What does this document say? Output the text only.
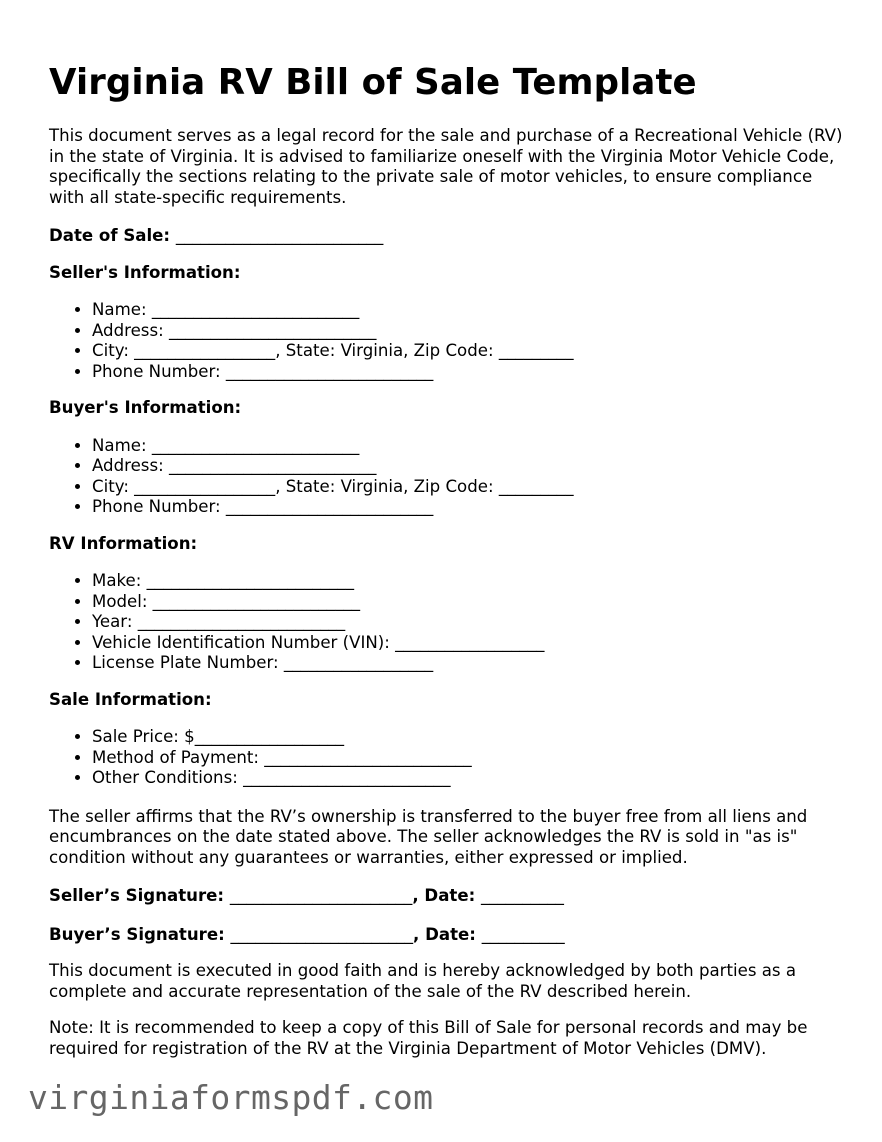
Virginia RV Bill of Sale Template

This document serves as a legal record for the sale and purchase of a Recreational Vehicle (RV) in the state of Virginia. It is advised to familiarize oneself with the Virginia Motor Vehicle Code, specifically the sections relating to the private sale of motor vehicles, to ensure compliance with all state-specific requirements.

Date of Sale: _________________________
Seller's Information:
• Name: _________________________
• Address: _________________________
• City: _________________, State: Virginia, Zip Code: _________
• Phone Number: _________________________
Buyer's Information:
• Name: _________________________
• Address: _________________________
• City: _________________, State: Virginia, Zip Code: _________
• Phone Number: _________________________
RV Information:
• Make: _________________________
• Model: _________________________
• Year: _________________________
• Vehicle Identification Number (VIN): __________________
• License Plate Number: __________________
Sale Information:
• Sale Price: $__________________
• Method of Payment: _________________________
• Other Conditions: _________________________

The seller affirms that the RV’s ownership is transferred to the buyer free from all liens and encumbrances on the date stated above. The seller acknowledges the RV is sold in "as is" condition without any guarantees or warranties, either expressed or implied.

Seller’s Signature: ______________________, Date: __________
Buyer’s Signature: ______________________, Date: __________

This document is executed in good faith and is hereby acknowledged by both parties as a complete and accurate representation of the sale of the RV described herein.

Note: It is recommended to keep a copy of this Bill of Sale for personal records and may be required for registration of the RV at the Virginia Department of Motor Vehicles (DMV).

virginiaformspdf.com
